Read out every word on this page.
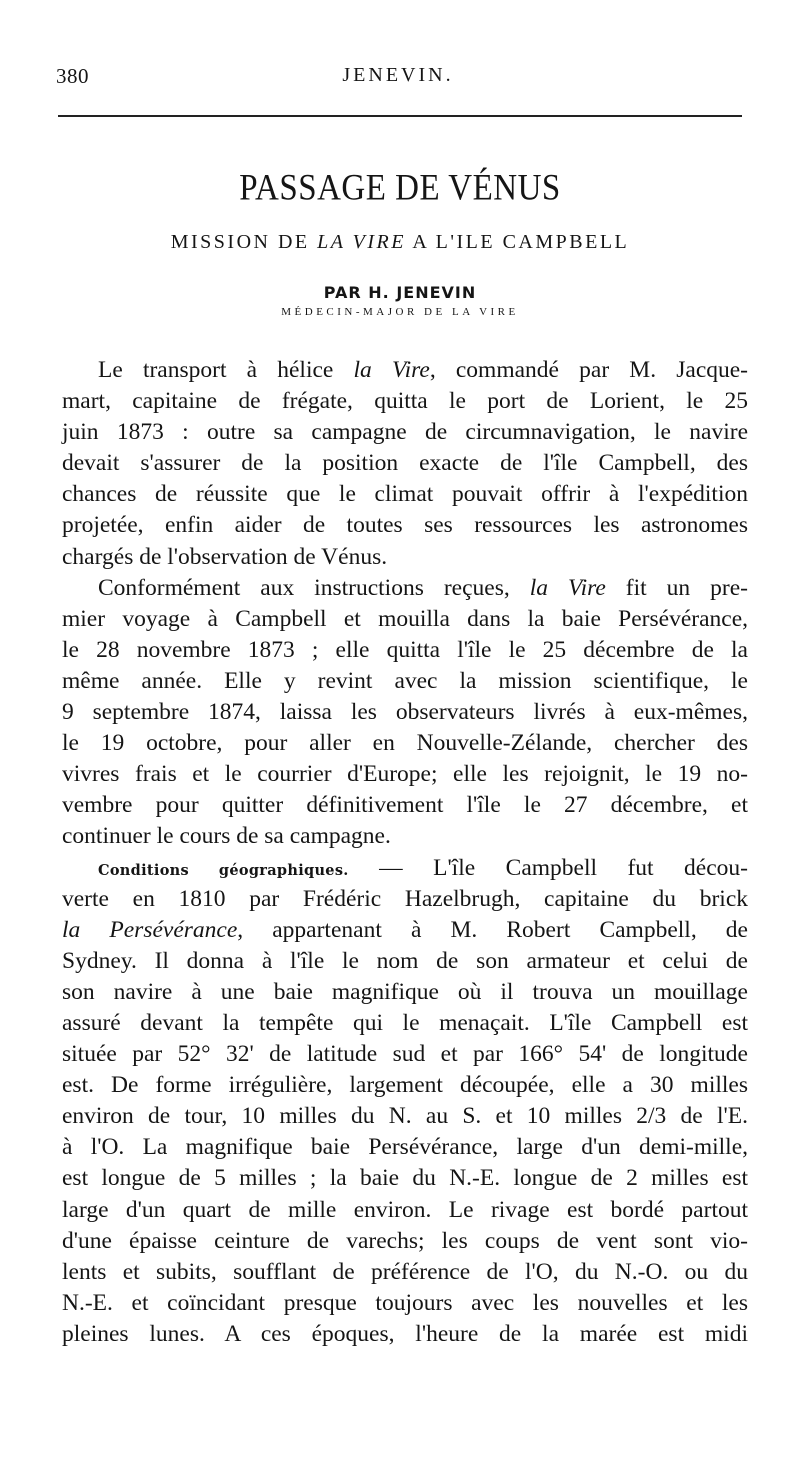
380	JENEVIN.
PASSAGE DE VÉNUS
MISSION DE LA VIRE A L'ILE CAMPBELL
PAR H. JENEVIN
MÉDECIN-MAJOR DE LA VIRE
Le transport à hélice la Vire, commandé par M. Jacque-
mart, capitaine de frégate, quitta le port de Lorient, le 25
juin 1873 : outre sa campagne de circumnavigation, le navire
devait s'assurer de la position exacte de l'île Campbell, des
chances de réussite que le climat pouvait offrir à l'expédition
projetée, enfin aider de toutes ses ressources les astronomes
chargés de l'observation de Vénus.
Conformément aux instructions reçues, la Vire fit un pre-
mier voyage à Campbell et mouilla dans la baie Persévérance,
le 28 novembre 1873 ; elle quitta l'île le 25 décembre de la
même année. Elle y revint avec la mission scientifique, le
9 septembre 1874, laissa les observateurs livrés à eux-mêmes,
le 19 octobre, pour aller en Nouvelle-Zélande, chercher des
vivres frais et le courrier d'Europe; elle les rejoignit, le 19 no-
vembre pour quitter définitivement l'île le 27 décembre, et
continuer le cours de sa campagne.
Conditions géographiques. — L'île Campbell fut décou-
verte en 1810 par Frédéric Hazelbrugh, capitaine du brick
la Persévérance, appartenant à M. Robert Campbell, de
Sydney. Il donna à l'île le nom de son armateur et celui de
son navire à une baie magnifique où il trouva un mouillage
assuré devant la tempête qui le menaçait. L'île Campbell est
située par 52° 32' de latitude sud et par 166° 54' de longitude
est. De forme irrégulière, largement découpée, elle a 30 milles
environ de tour, 10 milles du N. au S. et 10 milles 2/3 de l'E.
à l'O. La magnifique baie Persévérance, large d'un demi-mille,
est longue de 5 milles ; la baie du N.-E. longue de 2 milles est
large d'un quart de mille environ. Le rivage est bordé partout
d'une épaisse ceinture de varechs; les coups de vent sont vio-
lents et subits, soufflant de préférence de l'O, du N.-O. ou du
N.-E. et coïncidant presque toujours avec les nouvelles et les
pleines lunes. A ces époques, l'heure de la marée est midi
